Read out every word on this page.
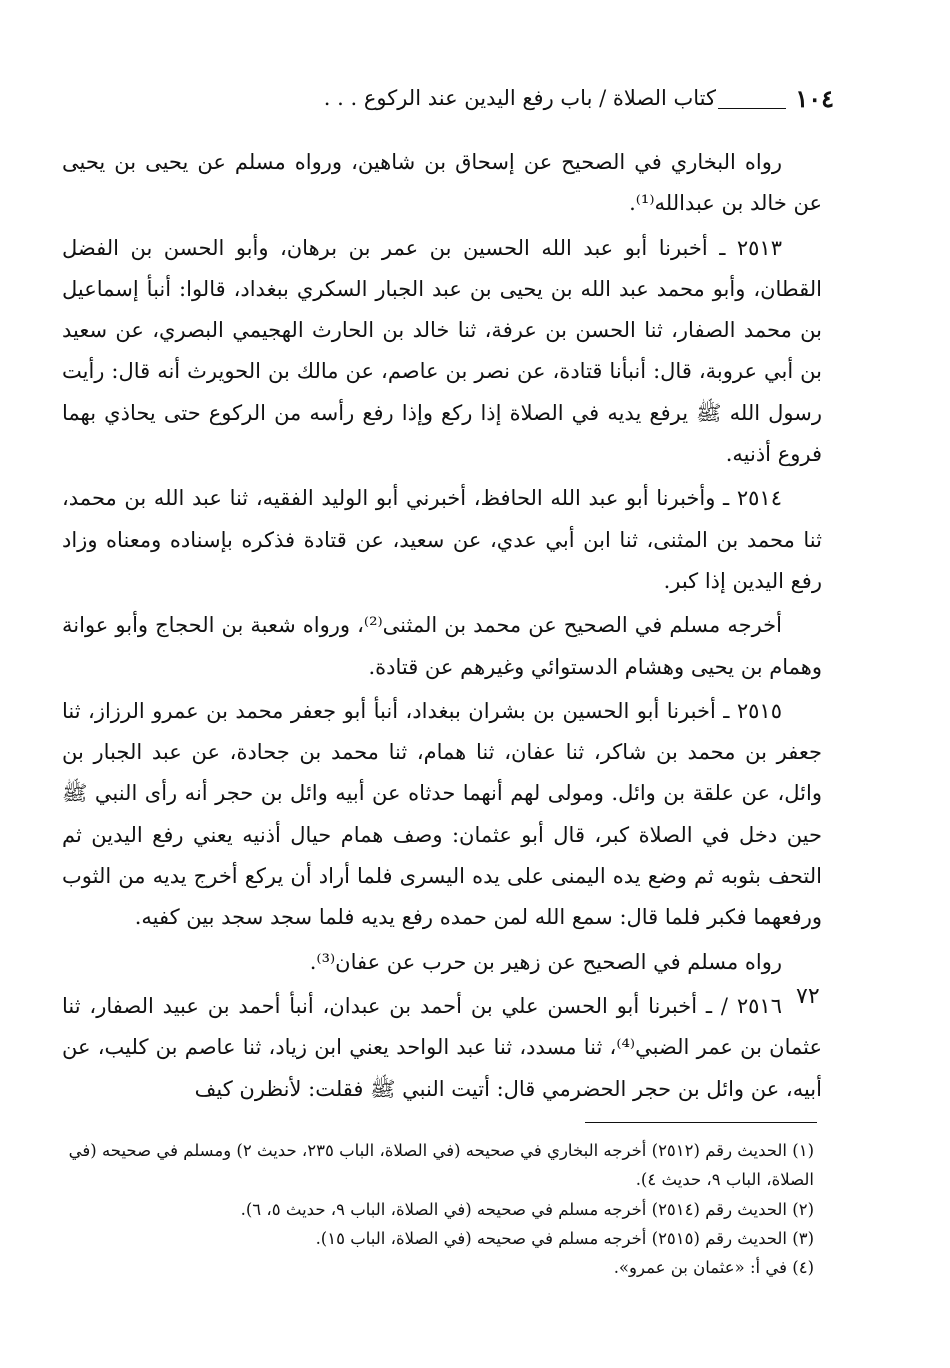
١٠٤
كتاب الصلاة / باب رفع اليدين عند الركوع . . .

رواه البخاري في الصحيح عن إسحاق بن شاهين، ورواه مسلم عن يحيى بن يحيى عن خالد بن عبدالله⁽¹⁾.

٢٥١٣ ـ أخبرنا أبو عبد الله الحسين بن عمر بن برهان، وأبو الحسن بن الفضل القطان، وأبو محمد عبد الله بن يحيى بن عبد الجبار السكري ببغداد، قالوا: أنبأ إسماعيل بن محمد الصفار، ثنا الحسن بن عرفة، ثنا خالد بن الحارث الهجيمي البصري، عن سعيد بن أبي عروبة، قال: أنبأنا قتادة، عن نصر بن عاصم، عن مالك بن الحويرث أنه قال: رأيت رسول الله ﷺ يرفع يديه في الصلاة إذا ركع وإذا رفع رأسه من الركوع حتى يحاذي بهما فروع أذنيه.

٢٥١٤ ـ وأخبرنا أبو عبد الله الحافظ، أخبرني أبو الوليد الفقيه، ثنا عبد الله بن محمد، ثنا محمد بن المثنى، ثنا ابن أبي عدي، عن سعيد، عن قتادة فذكره بإسناده ومعناه وزاد رفع اليدين إذا كبر.

أخرجه مسلم في الصحيح عن محمد بن المثنى⁽²⁾، ورواه شعبة بن الحجاج وأبو عوانة وهمام بن يحيى وهشام الدستوائي وغيرهم عن قتادة.

٢٥١٥ ـ أخبرنا أبو الحسين بن بشران ببغداد، أنبأ أبو جعفر محمد بن عمرو الرزاز، ثنا جعفر بن محمد بن شاكر، ثنا عفان، ثنا همام، ثنا محمد بن جحادة، عن عبد الجبار بن وائل، عن علقة بن وائل. ومولى لهم أنهما حدثاه عن أبيه وائل بن حجر أنه رأى النبي ﷺ حين دخل في الصلاة كبر، قال أبو عثمان: وصف همام حيال أذنيه يعني رفع اليدين ثم التحف بثوبه ثم وضع يده اليمنى على يده اليسرى فلما أراد أن يركع أخرج يديه من الثوب ورفعهما فكبر فلما قال: سمع الله لمن حمده رفع يديه فلما سجد سجد بين كفيه.

رواه مسلم في الصحيح عن زهير بن حرب عن عفان⁽³⁾.

٢٥١٦ / ـ أخبرنا أبو الحسن علي بن أحمد بن عبدان، أنبأ أحمد بن عبيد الصفار، ثنا عثمان بن عمر الضبي⁽⁴⁾، ثنا مسدد، ثنا عبد الواحد يعني ابن زياد، ثنا عاصم بن كليب، عن أبيه، عن وائل بن حجر الحضرمي قال: أتيت النبي ﷺ فقلت: لأنظرن كيف

٧٢

(١) الحديث رقم (٢٥١٢) أخرجه البخاري في صحيحه (في الصلاة، الباب ٢٣٥، حديث ٢) ومسلم في صحيحه (في الصلاة، الباب ٩، حديث ٤).

(٢) الحديث رقم (٢٥١٤) أخرجه مسلم في صحيحه (في الصلاة، الباب ٩، حديث ٥، ٦).

(٣) الحديث رقم (٢٥١٥) أخرجه مسلم في صحيحه (في الصلاة، الباب ١٥).

(٤) في أ: «عثمان بن عمرو».
